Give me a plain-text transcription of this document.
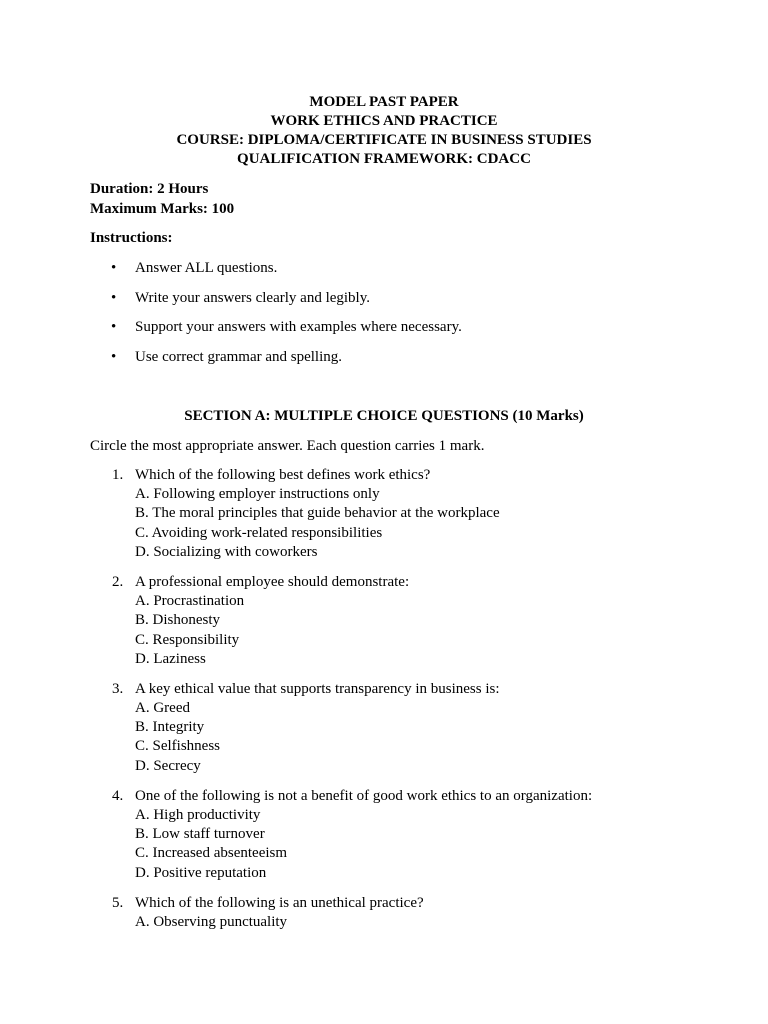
MODEL PAST PAPER
WORK ETHICS AND PRACTICE
COURSE: DIPLOMA/CERTIFICATE IN BUSINESS STUDIES
QUALIFICATION FRAMEWORK: CDACC
Duration: 2 Hours
Maximum Marks: 100
Instructions:
• Answer ALL questions.
• Write your answers clearly and legibly.
• Support your answers with examples where necessary.
• Use correct grammar and spelling.
SECTION A: MULTIPLE CHOICE QUESTIONS (10 Marks)
Circle the most appropriate answer. Each question carries 1 mark.
1. Which of the following best defines work ethics?
A. Following employer instructions only
B. The moral principles that guide behavior at the workplace
C. Avoiding work-related responsibilities
D. Socializing with coworkers
2. A professional employee should demonstrate:
A. Procrastination
B. Dishonesty
C. Responsibility
D. Laziness
3. A key ethical value that supports transparency in business is:
A. Greed
B. Integrity
C. Selfishness
D. Secrecy
4. One of the following is not a benefit of good work ethics to an organization:
A. High productivity
B. Low staff turnover
C. Increased absenteeism
D. Positive reputation
5. Which of the following is an unethical practice?
A. Observing punctuality
